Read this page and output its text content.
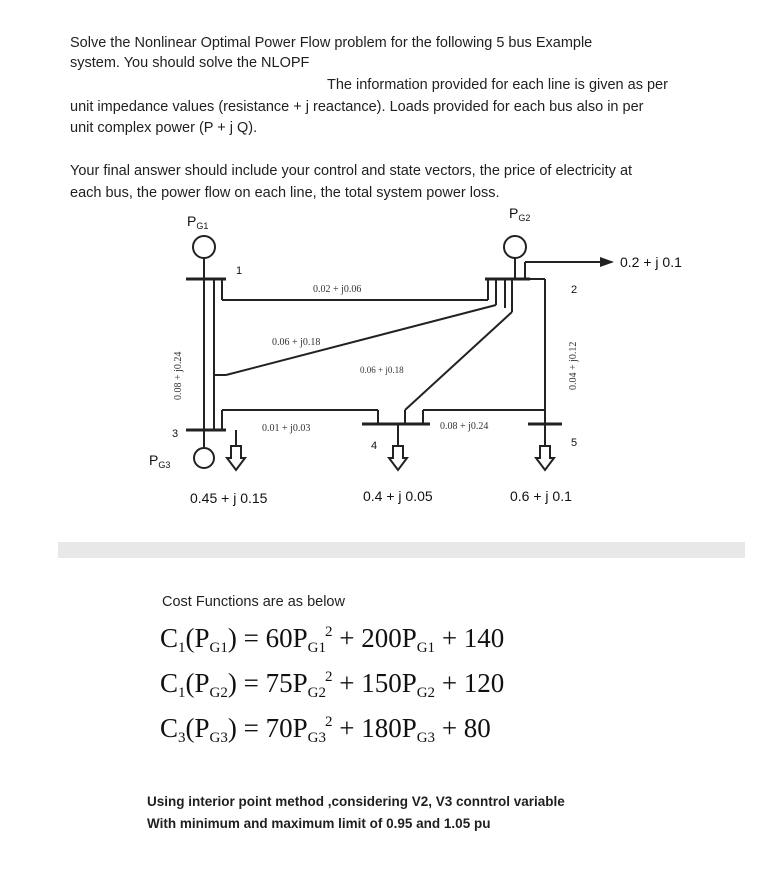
Solve the Nonlinear Optimal Power Flow problem for the following 5 bus Example
system. You should solve the NLOPF
The information provided for each line is given as per
unit impedance values (resistance + j reactance). Loads provided for each bus also in per
unit complex power (P + j Q).
Your final answer should include your control and state vectors, the price of electricity at
each bus, the power flow on each line, the total system power loss.
0.02 + j0.06
0.06 + j0.18
0.06 + j0.18
0.01 + j0.03	0.08 + j0.24
0.08 + j0.24	0.04 + j0.12
1
2
3
4	5
$P_{G1}$
$P_{G2}$
$P_{G3}$
0.2 + j 0.1
0.45 + j 0.15	0.4 + j 0.05	0.6 + j 0.1
Cost Functions are as below
$C_1(P_{G1}) = 60P_{G1}^2 + 200P_{G1} + 140$
$C_1(P_{G2}) = 75P_{G2}^2 + 150P_{G2} + 120$
$C_3(P_{G3}) = 70P_{G3}^2 + 180P_{G3} + 80$
Using interior point method ,considering V2, V3 conntrol variable
With minimum and maximum limit of 0.95 and 1.05 pu
